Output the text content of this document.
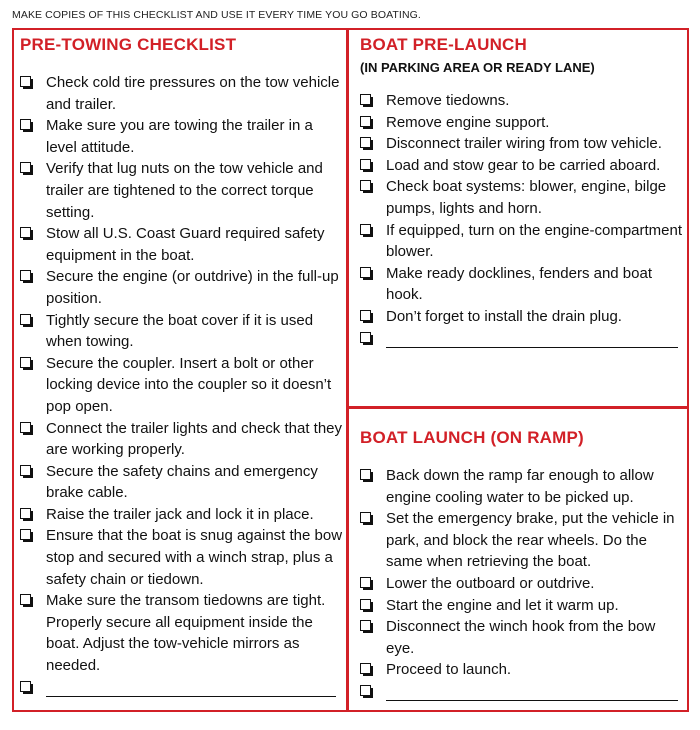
MAKE COPIES OF THIS CHECKLIST AND USE IT EVERY TIME YOU GO BOATING.
PRE-TOWING CHECKLIST
Check cold tire pressures on the tow vehicle and trailer.
Make sure you are towing the trailer in a level attitude.
Verify that lug nuts on the tow vehicle and trailer are tightened to the correct torque setting.
Stow all U.S. Coast Guard required safety equipment in the boat.
Secure the engine (or outdrive) in the full-up position.
Tightly secure the boat cover if it is used when towing.
Secure the coupler. Insert a bolt or other locking device into the coupler so it doesn’t pop open.
Connect the trailer lights and check that they are working properly.
Secure the safety chains and emergency brake cable.
Raise the trailer jack and lock it in place.
Ensure that the boat is snug against the bow stop and secured with a winch strap, plus a safety chain or tiedown.
Make sure the transom tiedowns are tight. Properly secure all equipment inside the boat. Adjust the tow-vehicle mirrors as needed.
BOAT PRE-LAUNCH
(IN PARKING AREA OR READY LANE)
Remove tiedowns.
Remove engine support.
Disconnect trailer wiring from tow vehicle.
Load and stow gear to be carried aboard.
Check boat systems: blower, engine, bilge pumps, lights and horn.
If equipped, turn on the engine-compartment blower.
Make ready docklines, fenders and boat hook.
Don’t forget to install the drain plug.
BOAT LAUNCH (ON RAMP)
Back down the ramp far enough to allow engine cooling water to be picked up.
Set the emergency brake, put the vehicle in park, and block the rear wheels. Do the same when retrieving the boat.
Lower the outboard or outdrive.
Start the engine and let it warm up.
Disconnect the winch hook from the bow eye.
Proceed to launch.
